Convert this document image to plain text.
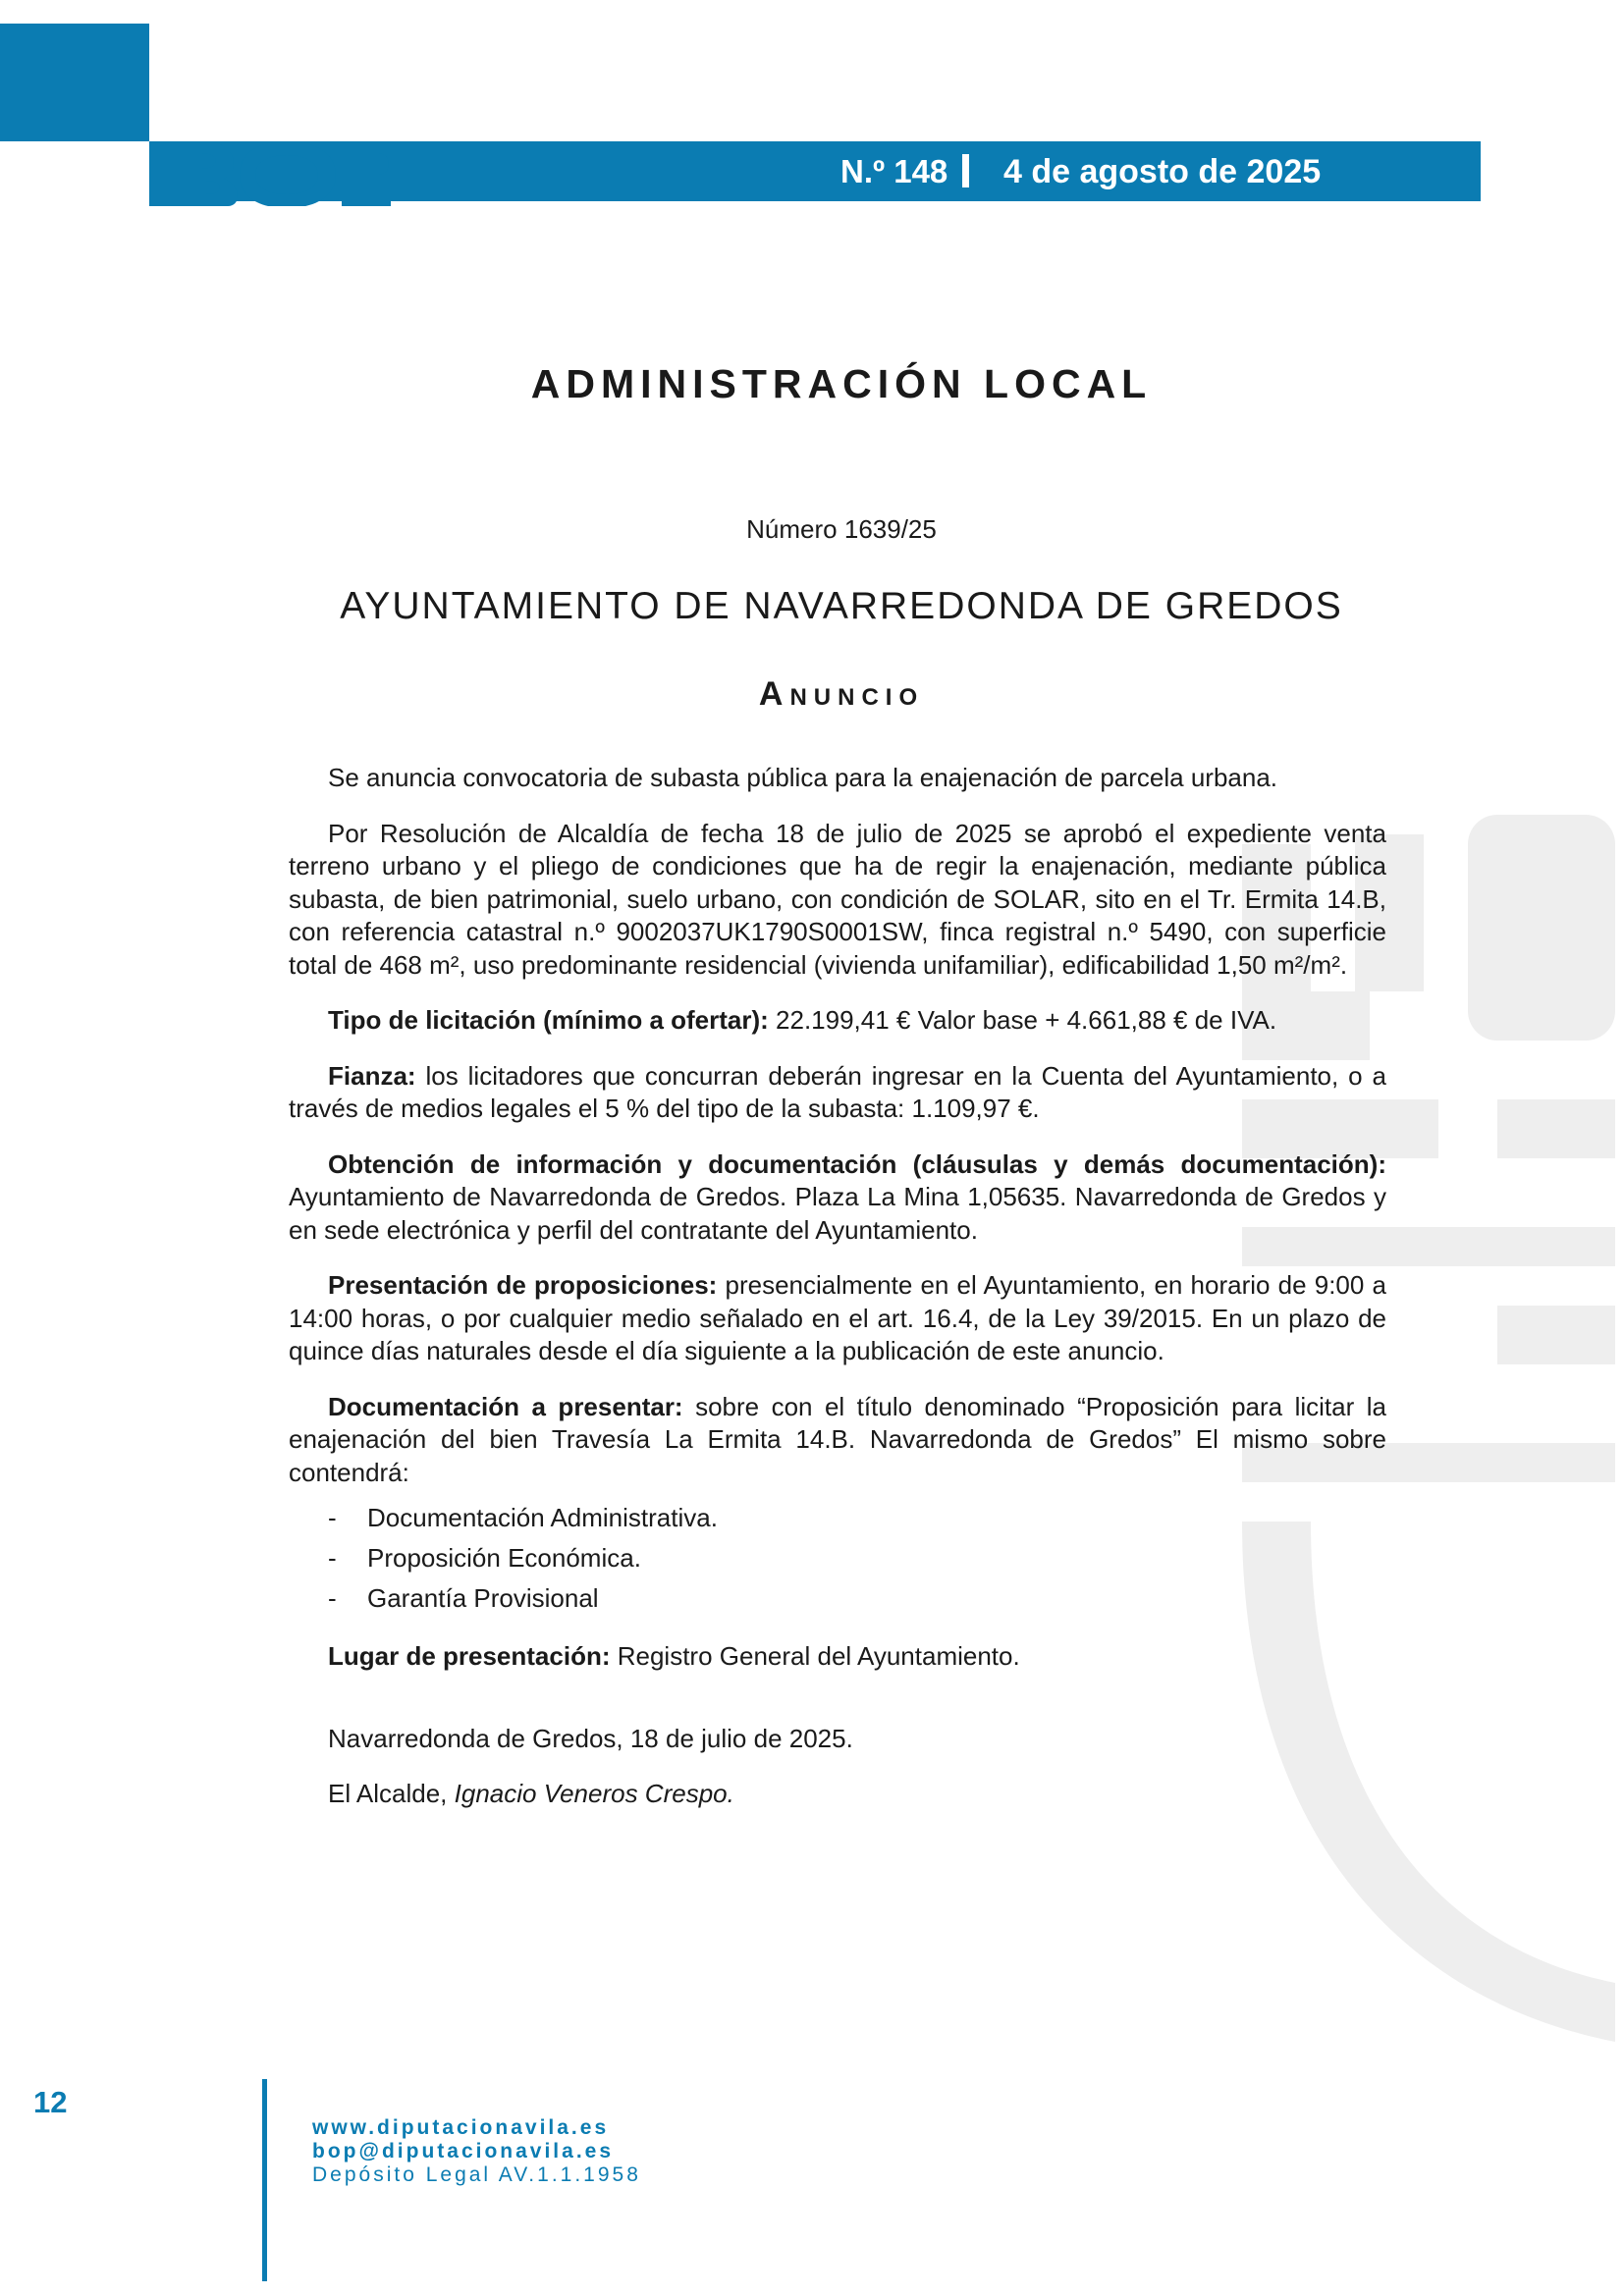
N.º 148 4 de agosto de 2025
ADMINISTRACIÓN LOCAL
Número 1639/25
AYUNTAMIENTO DE NAVARREDONDA DE GREDOS
Anuncio

Se anuncia convocatoria de subasta pública para la enajenación de parcela urbana.

Por Resolución de Alcaldía de fecha 18 de julio de 2025 se aprobó el expediente venta terreno urbano y el pliego de condiciones que ha de regir la enajenación, mediante pública subasta, de bien patrimonial, suelo urbano, con condición de SOLAR, sito en el Tr. Ermita 14.B, con referencia catastral n.º 9002037UK1790S0001SW, finca registral n.º 5490, con superficie total de 468 m², uso predominante residencial (vivienda unifamiliar), edificabilidad 1,50 m²/m².

Tipo de licitación (mínimo a ofertar): 22.199,41 € Valor base + 4.661,88 € de IVA.

Fianza: los licitadores que concurran deberán ingresar en la Cuenta del Ayuntamiento, o a través de medios legales el 5 % del tipo de la subasta: 1.109,97 €.

Obtención de información y documentación (cláusulas y demás documentación): Ayuntamiento de Navarredonda de Gredos. Plaza La Mina 1,05635. Navarredonda de Gredos y en sede electrónica y perfil del contratante del Ayuntamiento.

Presentación de proposiciones: presencialmente en el Ayuntamiento, en horario de 9:00 a 14:00 horas, o por cualquier medio señalado en el art. 16.4, de la Ley 39/2015. En un plazo de quince días naturales desde el día siguiente a la publicación de este anuncio.

Documentación a presentar: sobre con el título denominado “Proposición para licitar la enajenación del bien Travesía La Ermita 14.B. Navarredonda de Gredos” El mismo sobre contendrá:

- Documentación Administrativa.
- Proposición Económica.
- Garantía Provisional

Lugar de presentación: Registro General del Ayuntamiento.

Navarredonda de Gredos, 18 de julio de 2025.

El Alcalde, Ignacio Veneros Crespo.

12
www.diputacionavila.es
bop@diputacionavila.es
Depósito Legal AV.1.1.1958
